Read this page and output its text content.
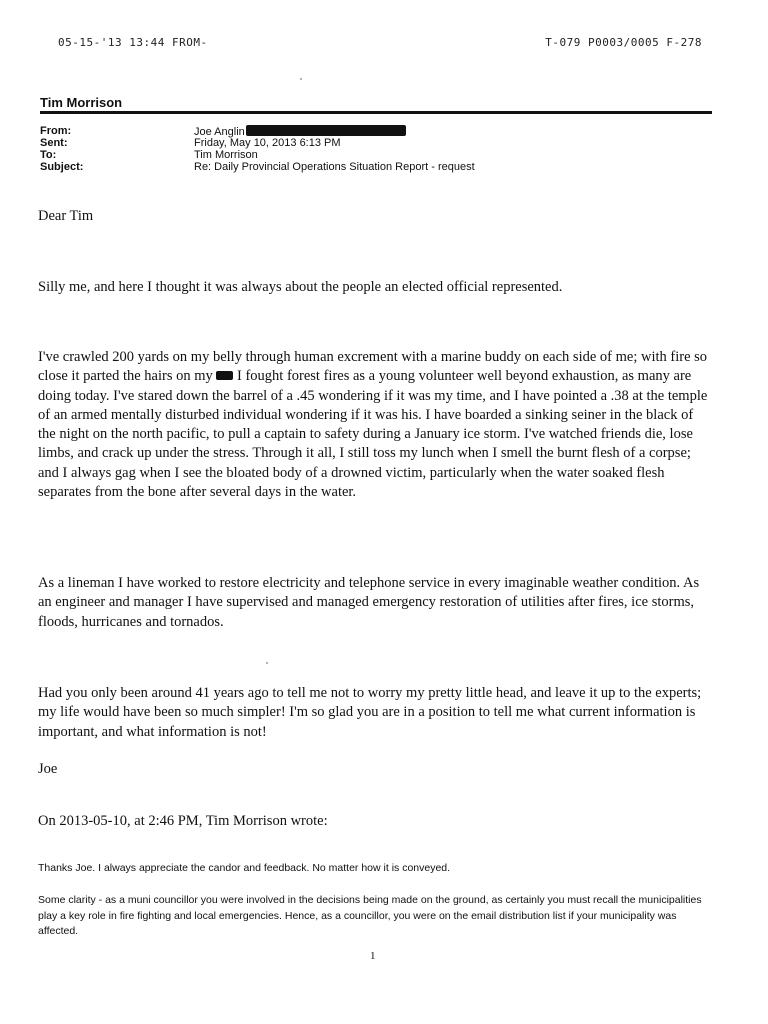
05-15-'13 13:44 FROM-	T-079 P0003/0005 F-278
Tim Morrison
From:	Joe Anglin
Sent:	Friday, May 10, 2013 6:13 PM
To:	Tim Morrison
Subject:	Re: Daily Provincial Operations Situation Report - request

Dear Tim

Silly me, and here I thought it was always about the people an elected official represented.

I've crawled 200 yards on my belly through human excrement with a marine buddy on each side of me; with fire so close it parted the hairs on my I fought forest fires as a young volunteer well beyond exhaustion, as many are doing today. I've stared down the barrel of a .45 wondering if it was my time, and I have pointed a .38 at the temple of an armed mentally disturbed individual wondering if it was his. I have boarded a sinking seiner in the black of the night on the north pacific, to pull a captain to safety during a January ice storm. I've watched friends die, lose limbs, and crack up under the stress. Through it all, I still toss my lunch when I smell the burnt flesh of a corpse; and I always gag when I see the bloated body of a drowned victim, particularly when the water soaked flesh separates from the bone after several days in the water.

As a lineman I have worked to restore electricity and telephone service in every imaginable weather condition. As an engineer and manager I have supervised and managed emergency restoration of utilities after fires, ice storms, floods, hurricanes and tornados.

Had you only been around 41 years ago to tell me not to worry my pretty little head, and leave it up to the experts; my life would have been so much simpler! I'm so glad you are in a position to tell me what current information is important, and what information is not!

Joe

On 2013-05-10, at 2:46 PM, Tim Morrison wrote:

Thanks Joe. I always appreciate the candor and feedback. No matter how it is conveyed.

Some clarity - as a muni councillor you were involved in the decisions being made on the ground, as certainly you must recall the municipalities play a key role in fire fighting and local emergencies. Hence, as a councillor, you were on the email distribution list if your municipality was affected.

1
